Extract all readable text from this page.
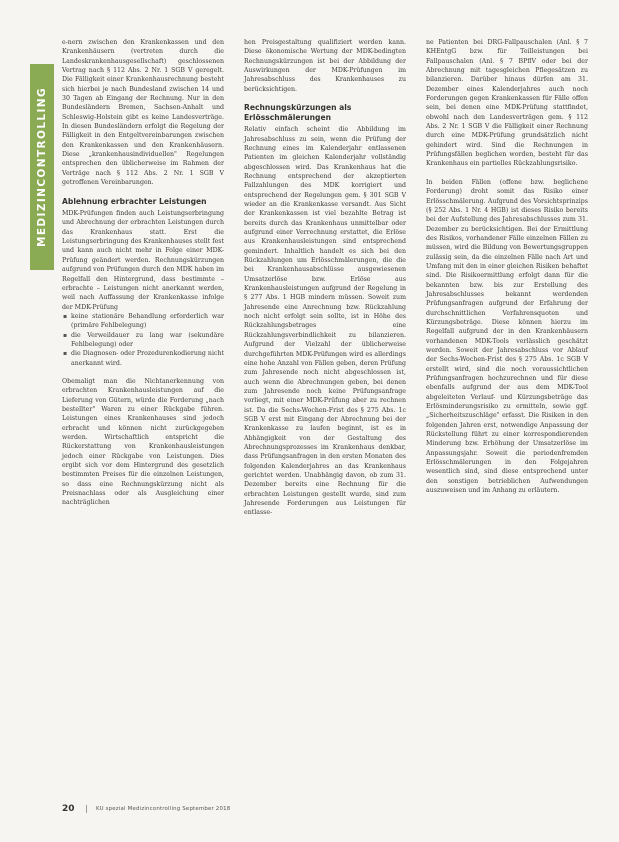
MEDIZINCONTROLLING

e-nern zwischen den Krankenkassen und den Krankenhäusern (vertreten durch die Landeskrankenhausgesellschaft) geschlossenen Vertrag nach § 112 Abs. 2 Nr. 1 SGB V geregelt. Die Fälligkeit einer Krankenhausrechnung besteht sich hierbei je nach Bundesland zwischen 14 und 30 Tagen ab Eingang der Rechnung. Nur in den Bundesländern Bremen, Sachsen-Anhalt und Schleswig-Holstein gibt es keine Landesverträge. In diesen Bundesländern erfolgt die Regelung der Fälligkeit in den Entgeltvereinbarungen zwischen den Krankenkassen und den Krankenhäusern. Diese „krankenhausindividuellen" Regelungen entsprechen den üblicherweise im Rahmen der Verträge nach § 112 Abs. 2 Nr. 1 SGB V getroffenen Vereinbarungen.

Ablehnung erbrachter Leistungen

MDK-Prüfungen finden auch Leistungserbringung und Abrechnung der erbrachten Leistungen durch das Krankenhaus statt. Erst die Leistungserbringung des Krankenhauses stellt fest und kann auch nicht mehr in Folge einer MDK-Prüfung geändert werden. Rechnungskürzungen aufgrund von Prüfungen durch den MDK haben im Regelfall den Hintergrund, dass bestimmte – erbrachte – Leistungen nicht anerkannt werden, weil nach Auffassung der Krankenkasse infolge der MDK-Prüfung

▪ keine stationäre Behandlung erforderlich war (primäre Fehlbelegung)
▪ die Verweildauer zu lang war (sekundäre Fehlbelegung) oder
▪ die Diagnosen- oder Prozedurenkodierung nicht anerkannt wird.

Obemaligt man die Nichtanerkennung von erbrachten Krankenhausleistungen auf die Lieferung von Gütern, würde die Forderung „nach bestellter" Waren zu einer Rückgabe führen. Leistungen eines Krankenhauses sind jedoch erbracht und können nicht zurückgegeben werden. Wirtschaftlich entspricht die Rückerstattung von Krankenhausleistungen jedoch einer Rückgabe von Leistungen. Dies ergibt sich vor dem Hintergrund des gesetzlich bestimmten Preises für die einzelnen Leistungen, so dass eine Rechnungskürzung nicht als Preisnachlass oder als Ausgleichung einer nachträglichen

hen Preisgestaltung qualifiziert werden kann. Diese ökonomische Wertung der MDK-bedingten Rechnungskürzungen ist bei der Abbildung der Auswirkungen der MDK-Prüfungen im Jahresabschluss des Krankenhauses zu berücksichtigen.

Rechnungskürzungen als Erlösschmälerungen

Relativ einfach scheint die Abbildung im Jahresabschluss zu sein, wenn die Prüfung der Rechnung eines im Kalenderjahr entlassenen Patienten im gleichen Kalenderjahr vollständig abgeschlossen wird. Das Krankenhaus hat die Rechnung entsprechend der akzeptierten Fallzahlungen des MDK korrigiert und entsprechend der Regelungen gem. § 301 SGB V wieder an die Krankenkasse versandt. Aus Sicht der Krankenkassen ist viel bezahlte Betrag ist bereits durch das Krankenhaus unmittelbar oder aufgrund einer Verrechnung erstattet, die Erlöse aus Krankenhausleistungen sind entsprechend gemindert. Inhaltlich handelt es sich bei den Rückzahlungen um Erlösschmälerungen, die die bei Krankenhausabschlüsse ausgewiesenen Umsatzerlöse bzw. Erlöse aus Krankenhausleistungen aufgrund der Regelung in § 277 Abs. 1 HGB mindern müssen. Soweit zum Jahresende eine Anrechnung bzw. Rückzahlung noch nicht erfolgt sein sollte, ist in Höhe des Rückzahlungsbetrages eine Rückzahlungsverbindlichkeit zu bilanzieren. Aufgrund der Vielzahl der üblicherweise durchgeführten MDK-Prüfungen wird es allerdings eine hohe Anzahl von Fällen geben, deren Prüfung zum Jahresende noch nicht abgeschlossen ist, auch wenn die Abrechnungen geben, bei denen zum Jahresende noch keine Prüfungsanfrage vorliegt, mit einer MDK-Prüfung aber zu rechnen ist. Da die Sechs-Wochen-Frist des § 275 Abs. 1c SGB V erst mit Eingang der Abrechnung bei der Krankenkasse zu laufen beginnt, ist es in Abhängigkeit von der Gestaltung des Abrechnungsprozesses im Krankenhaus denkbar, dass Prüfungsanfragen in den ersten Monaten des folgenden Kalenderjahres an das Krankenhaus gerichtet werden. Unabhängig davon, ob zum 31. Dezember bereits eine Rechnung für die erbrachten Leistungen gestellt wurde, sind zum Jahresende Forderungen aus Leistungen für entlasse-

ne Patienten bei DRG-Fallpauschalen (Anl. § 7 KHEntgG bzw. für Teilleistungen bei Fallpauschalen (Anl. § 7 BPflV oder bei der Abrechnung mit tagesgleichen Pflegesätzen zu bilanzieren. Darüber hinaus dürfen am 31. Dezember eines Kalenderjahres auch noch Forderungen gegen Krankenkassen für Fälle offen sein, bei denen eine MDK-Prüfung stattfindet, obwohl nach den Landesverträgen gem. § 112 Abs. 2 Nr. 1 SGB V die Fälligkeit einer Rechnung durch eine MDK-Prüfung grundsätzlich nicht gehindert wird. Sind die Rechnungen in Prüfungsfällen beglichen worden, besteht für das Krankenhaus ein partielles Rückzahlungsrisiko.

In beiden Fällen (offene bzw. beglichene Forderung) droht somit das Risiko einer Erlösschmälerung. Aufgrund des Vorsichtsprinzips (§ 252 Abs. 1 Nr. 4 HGB) ist dieses Risiko bereits bei der Aufstellung des Jahresabschlusses zum 31. Dezember zu berücksichtigen. Bei der Ermittlung des Risikos, vorhandener Fälle einzelnen Fällen zu müssen, wird die Bildung von Bewertungsgruppen zulässig sein, da die einzelnen Fälle nach Art und Umfang mit den in einer gleichen Risiken behaftet sind. Die Risikoermittlung erfolgt dann für die bekannten bzw. bis zur Erstellung des Jahresabschlusses bekannt werdenden Prüfungsanfragen aufgrund der Erfahrung der durchschnittlichen Verfahrensquoten und Kürzungsbeträge. Diese können hierzu im Regelfall aufgrund der in den Krankenhäusern vorhandenen MDK-Tools verlässlich geschätzt werden. Soweit der Jahresabschluss vor Ablauf der Sechs-Wochen-Frist des § 275 Abs. 1c SGB V erstellt wird, sind die noch voraussichtlichen Prüfungsanfragen hochzurechnen und für diese ebenfalls aufgrund der aus dem MDK-Tool abgeleiteten Verlauf- und Kürzungsbeträge das Erlösminderungsrisiko zu ermitteln, sowie ggf. „Sicherheitszuschläge" erfasst. Die Risiken in den folgenden Jahren erst, notwendige Anpassung der Rückstellung führt zu einer korrespondierenden Minderung bzw. Erhöhung der Umsatzerlöse im Anpassungsjahr. Soweit die periodenfremden Erlösschmälerungen in den Folgejahren wesentlich sind, sind diese entsprechend unter den sonstigen betrieblichen Aufwendungen auszuweisen und im Anhang zu erläutern.

20	KU spezial Medizincontrolling September 2018
